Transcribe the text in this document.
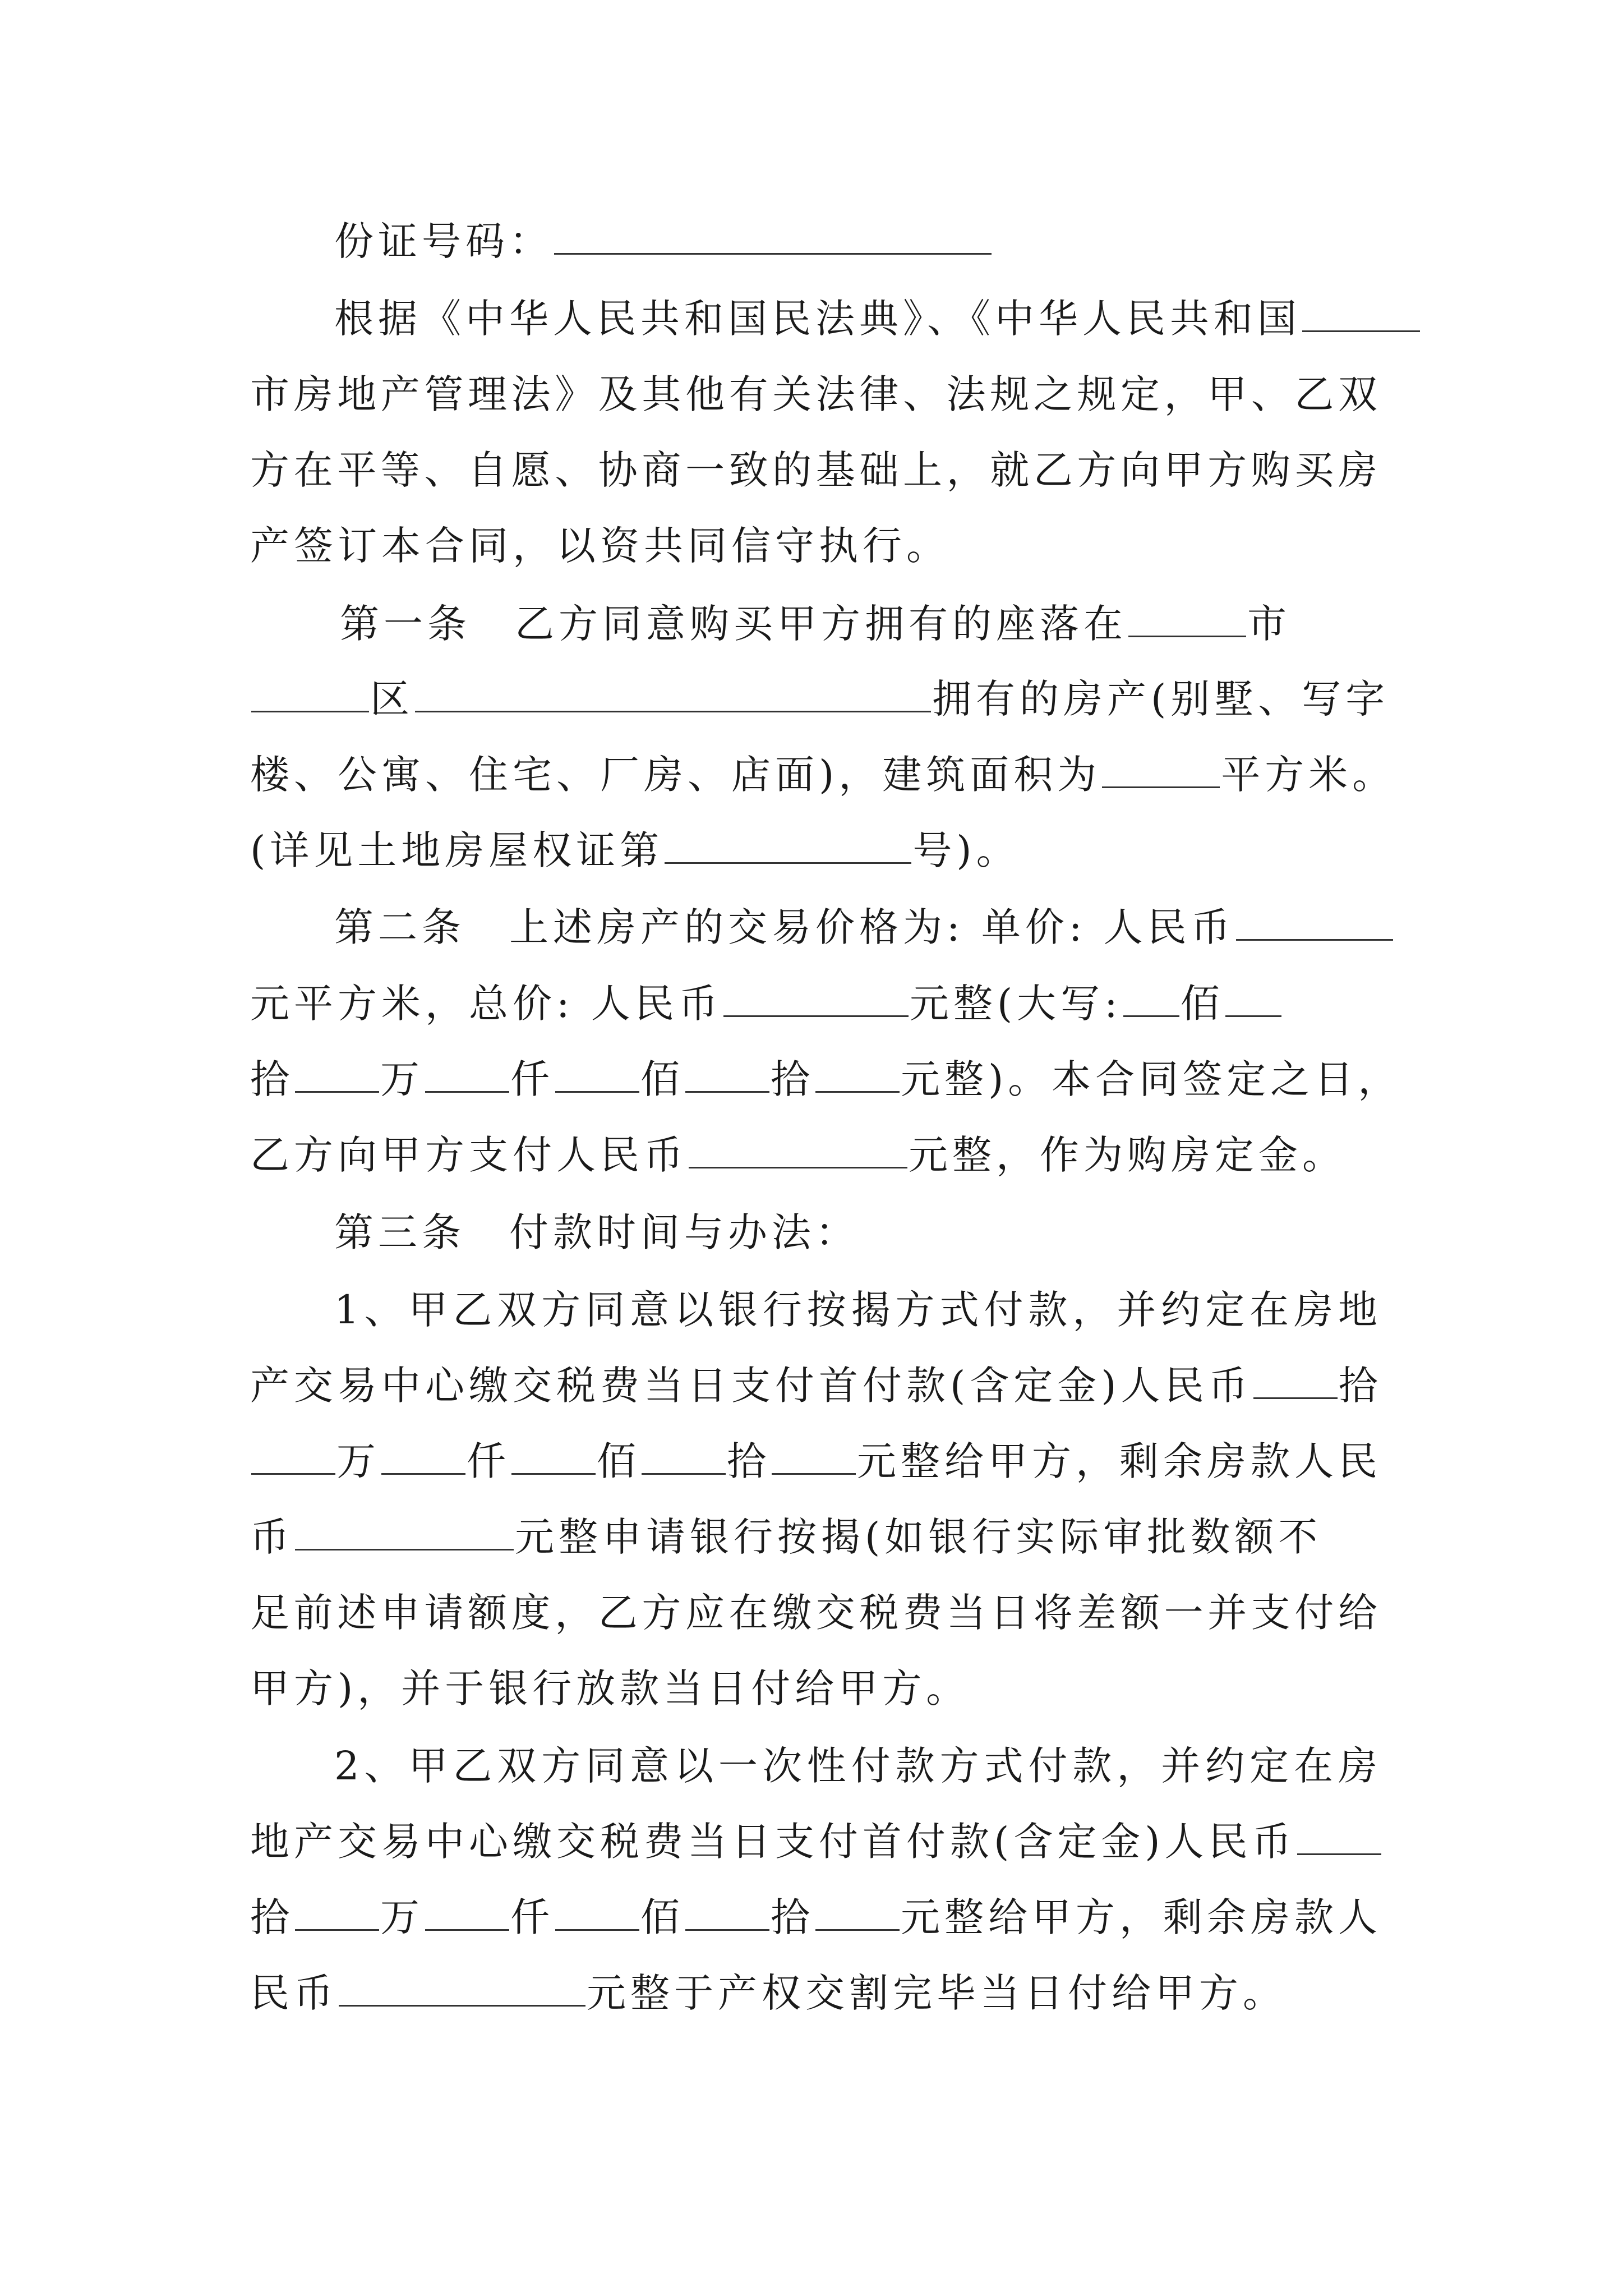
份证号码：
根据《中华人民共和国民法典》、《中华人民共和国
市房地产管理法》及其他有关法律、法规之规定，甲、乙双
方在平等、自愿、协商一致的基础上，就乙方向甲方购买房
产签订本合同，以资共同信守执行。
第一条　乙方同意购买甲方拥有的座落在	市
区	拥有的房产(别墅、写字
楼、公寓、住宅、厂房、店面)，建筑面积为	平方米。
(详见土地房屋权证第	号)。
第二条　上述房产的交易价格为: 单价: 人民币
元平方米，总价: 人民币	元整(大写: 佰
拾 万 仟 佰 拾 元整)。本合同签定之日，
乙方向甲方支付人民币	元整，作为购房定金。
第三条　付款时间与办法：
1、甲乙双方同意以银行按揭方式付款，并约定在房地
产交易中心缴交税费当日支付首付款(含定金)人民币 拾
万 仟 佰 拾 元整给甲方，剩余房款人民
币	元整申请银行按揭(如银行实际审批数额不
足前述申请额度，乙方应在缴交税费当日将差额一并支付给
甲方)，并于银行放款当日付给甲方。
2、甲乙双方同意以一次性付款方式付款，并约定在房
地产交易中心缴交税费当日支付首付款(含定金)人民币
拾 万 仟 佰 拾 元整给甲方，剩余房款人
民币	元整于产权交割完毕当日付给甲方。
